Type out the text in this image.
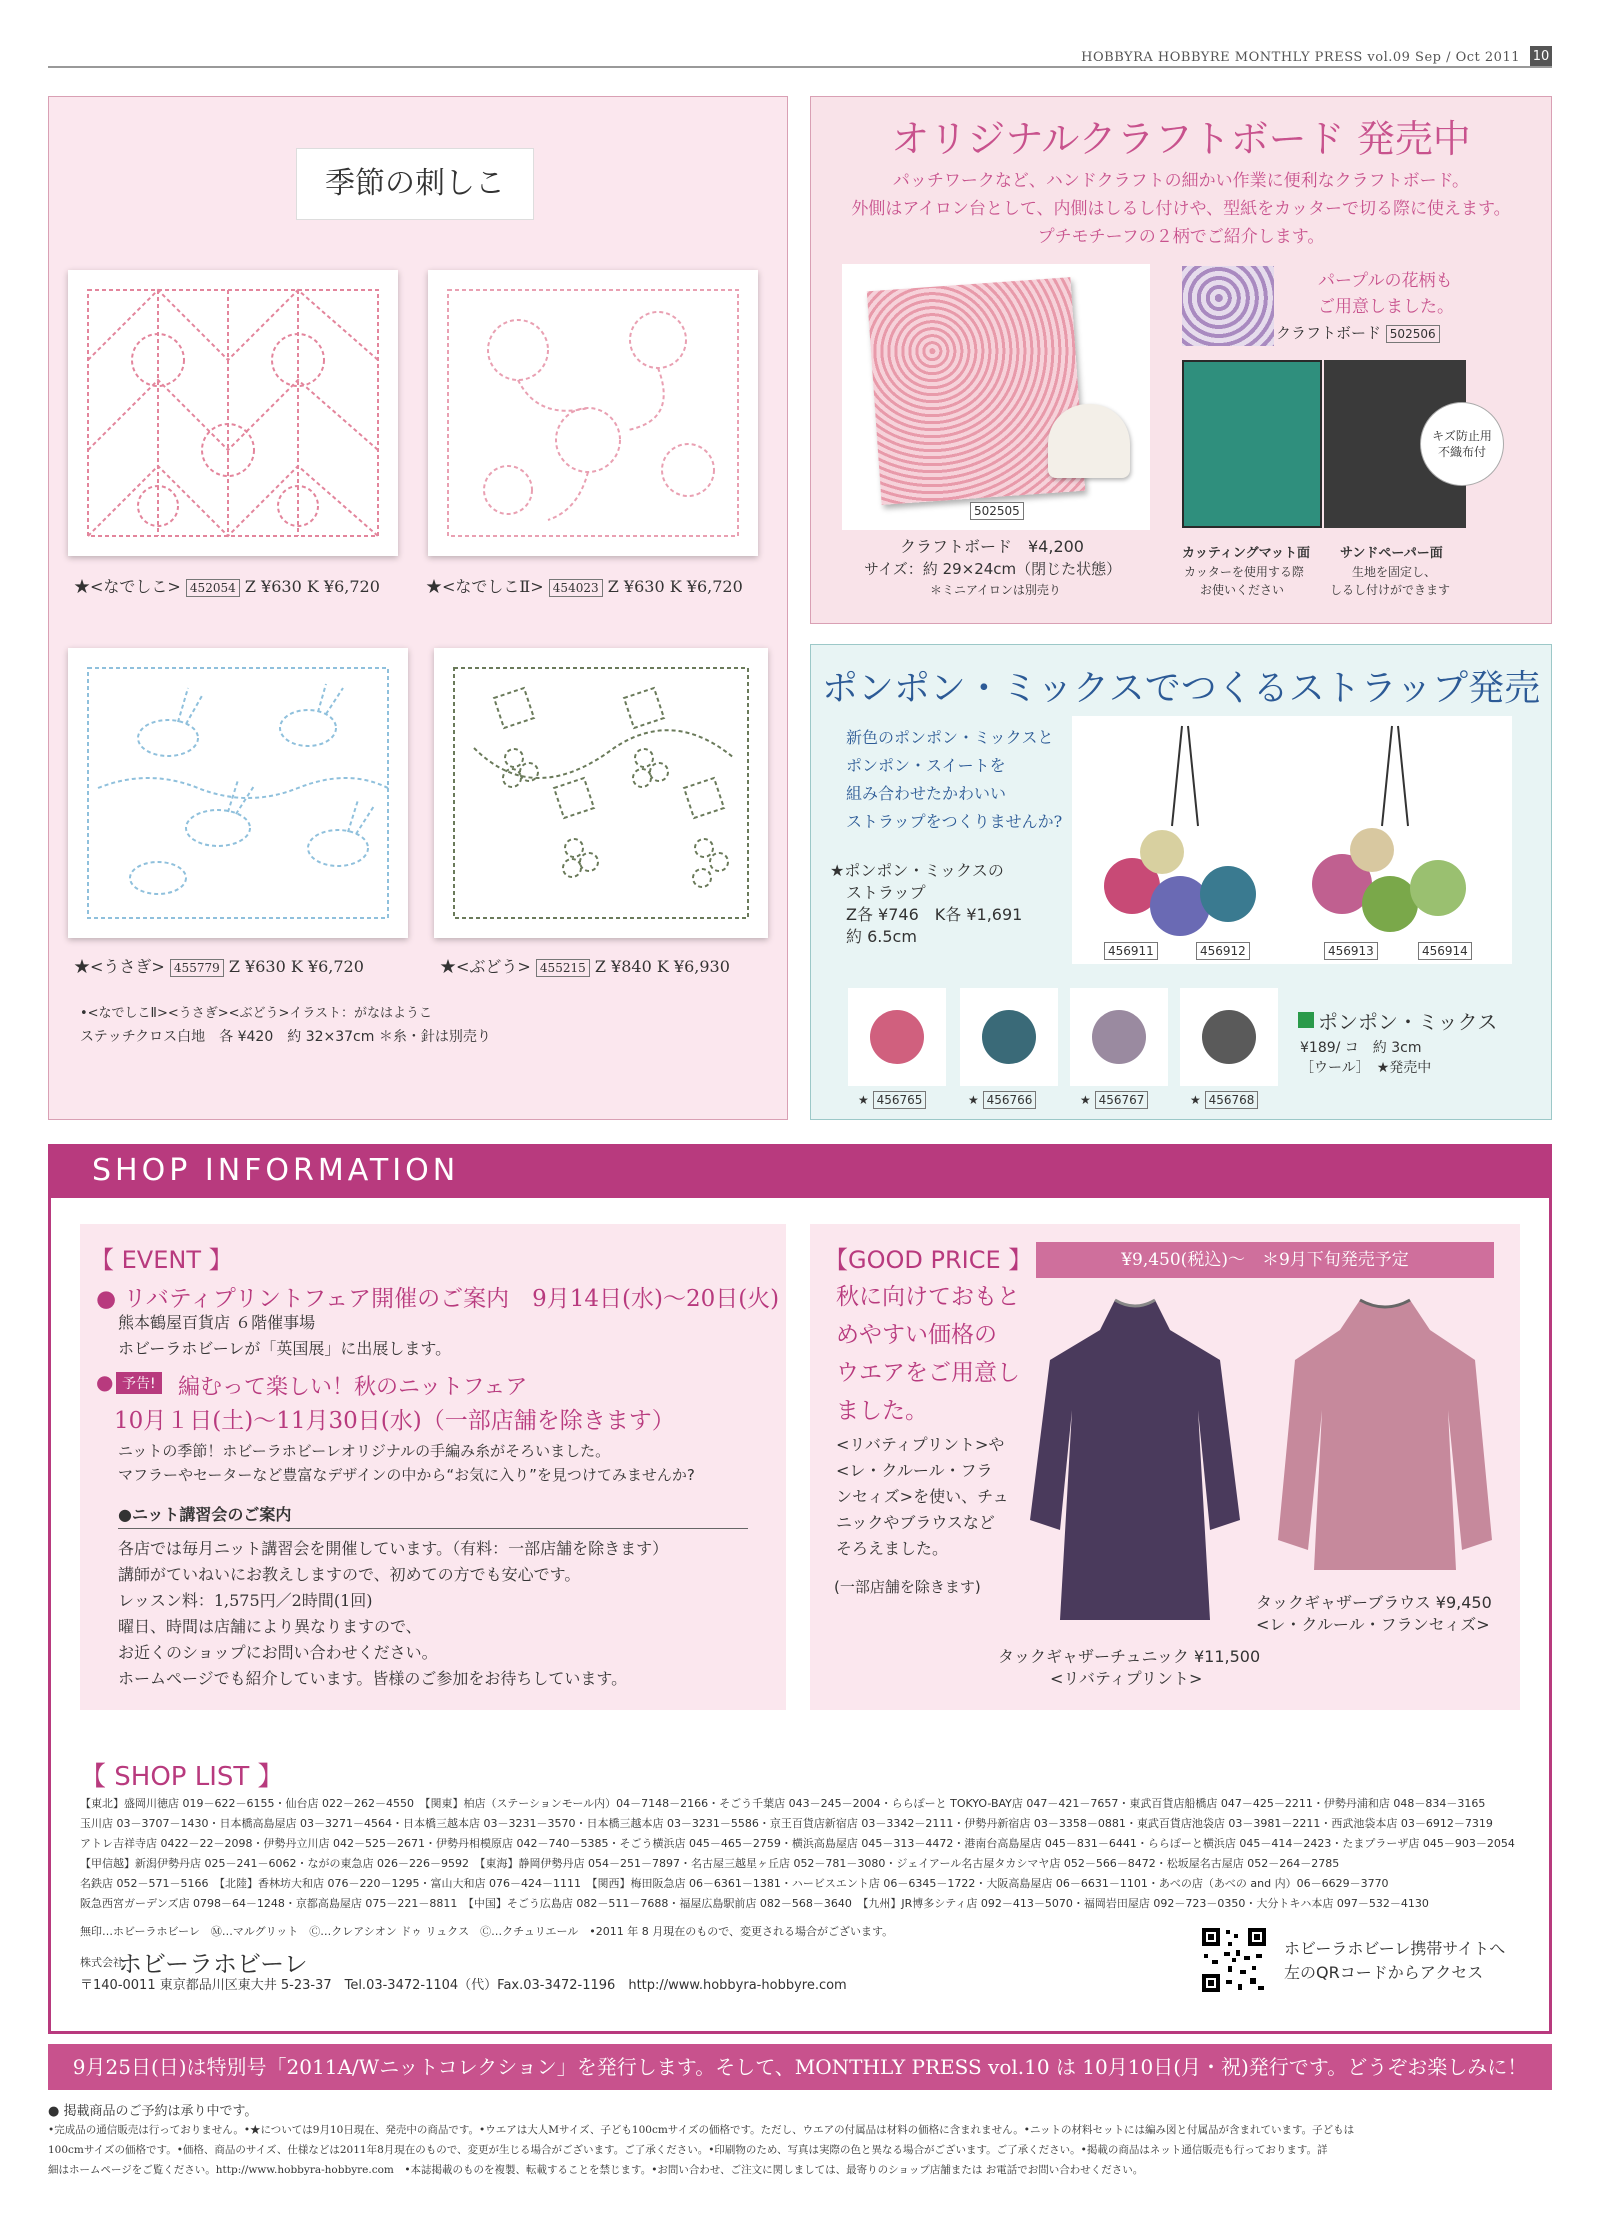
HOBBYRA HOBBYRE MONTHLY PRESS vol.09 Sep / Oct 2011 10
季節の刺しこ
★<なでしこ> 452054 Z ¥630 K ¥6,720	★<なでしこⅡ> 454023 Z ¥630 K ¥6,720
★<うさぎ> 455779 Z ¥630 K ¥6,720	★<ぶどう> 455215 Z ¥840 K ¥6,930
•<なでしこⅡ><うさぎ><ぶどう>イラスト：がなはようこ
ステッチクロス白地　各 ¥420　約 32×37cm ＊糸・針は別売り
オリジナルクラフトボード 発売中
パッチワークなど、ハンドクラフトの細かい作業に便利なクラフトボード。
外側はアイロン台として、内側はしるし付けや、型紙をカッターで切る際に使えます。
プチモチーフの２柄でご紹介します。
502505
クラフトボード　¥4,200
サイズ：約 29×24cm（閉じた状態）
＊ミニアイロンは別売り
パープルの花柄も
ご用意しました。
クラフトボード 502506
キズ防止用 不織布付
カッティングマット面
カッターを使用する際
お使いください
サンドペーパー面
生地を固定し、
しるし付けができます
ポンポン・ミックスでつくるストラップ発売
新色のポンポン・ミックスと
ポンポン・スイートを
組み合わせたかわいい
ストラップをつくりませんか?
★ポンポン・ミックスの
ストラップ
Z各 ¥746　K各 ¥1,691
約 6.5cm
456911	456912	456913	456914
★ 456765	★ 456766	★ 456767	★ 456768
ポンポン・ミックス
¥189/ コ　約 3cm
［ウール］　★発売中
SHOP INFORMATION
【 EVENT 】
● リバティプリントフェア開催のご案内　9月14日(水)～20日(火)
熊本鶴屋百貨店 ６階催事場
ホビーラホビーレが「英国展」に出展します。
● 予告! 編むって楽しい！秋のニットフェア
10月１日(土)～11月30日(水)（一部店舗を除きます）
ニットの季節！ホビーラホビーレオリジナルの手編み糸がそろいました。
マフラーやセーターなど豊富なデザインの中から“お気に入り”を見つけてみませんか?
●ニット講習会のご案内
各店では毎月ニット講習会を開催しています。（有料：一部店舗を除きます）
講師がていねいにお教えしますので、初めての方でも安心です。
レッスン料：1,575円／2時間(1回)
曜日、時間は店舗により異なりますので、
お近くのショップにお問い合わせください。
ホームページでも紹介しています。皆様のご参加をお待ちしています。
【GOOD PRICE 】	¥9,450(税込)～　＊9月下旬発売予定
秋に向けておもと
めやすい価格の
ウエアをご用意し
ました。
<リバティプリント>や
<レ・クルール・フラ
ンセィズ>を使い、チュ
ニックやブラウスなど
そろえました。
(一部店舗を除きます)
タックギャザーブラウス ¥9,450
<レ・クルール・フランセィズ>
タックギャザーチュニック ¥11,500
<リバティプリント>
【 SHOP LIST 】
【東北】盛岡川徳店 019－622－6155・仙台店 022－262－4550　【関東】柏店（ステーションモール内）04－7148－2166・そごう千葉店 043－245－2004・ららぽーと TOKYO-BAY店 047－421－7657・東武百貨店船橋店 047－425－2211・伊勢丹浦和店 048－834－3165
玉川店 03－3707－1430・日本橋高島屋店 03－3271－4564・日本橋三越本店 03－3231－3570・日本橋三越本店 03－3231－5586・京王百貨店新宿店 03－3342－2111・伊勢丹新宿店 03－3358－0881・東武百貨店池袋店 03－3981－2211・西武池袋本店 03－6912－7319
アトレ吉祥寺店 0422－22－2098・伊勢丹立川店 042－525－2671・伊勢丹相模原店 042－740－5385・そごう横浜店 045－465－2759・横浜高島屋店 045－313－4472・港南台高島屋店 045－831－6441・ららぽーと横浜店 045－414－2423・たまプラーザ店 045－903－2054
【甲信越】新潟伊勢丹店 025－241－6062・ながの東急店 026－226－9592　【東海】静岡伊勢丹店 054－251－7897・名古屋三越星ヶ丘店 052－781－3080・ジェイアール名古屋タカシマヤ店 052－566－8472・松坂屋名古屋店 052－264－2785
名鉄店 052－571－5166　【北陸】香林坊大和店 076－220－1295・富山大和店 076－424－1111　【関西】梅田阪急店 06－6361－1381・ハービスエント店 06－6345－1722・大阪高島屋店 06－6631－1101・あべの店（あべの and 内）06－6629－3770
阪急西宮ガーデンズ店 0798－64－1248・京都高島屋店 075－221－8811　【中国】そごう広島店 082－511－7688・福屋広島駅前店 082－568－3640　【九州】JR博多シティ店 092－413－5070・福岡岩田屋店 092－723－0350・大分トキハ本店 097－532－4130
無印…ホビーラホビーレ　Ⓜ…マルグリット　Ⓒ…クレアシオン ドゥ リュクス　Ⓒ…クチュリエール　•2011 年 8 月現在のもので、変更される場合がございます。
株式会社
ホビーラホビーレ
〒140-0011 東京都品川区東大井 5-23-37　Tel.03-3472-1104（代）Fax.03-3472-1196　http://www.hobbyra-hobbyre.com
ホビーラホビーレ携帯サイトへ
左のQRコードからアクセス
9月25日(日)は特別号「2011A/Wニットコレクション」を発行します。そして、MONTHLY PRESS vol.10 は 10月10日(月・祝)発行です。どうぞお楽しみに！
● 掲載商品のご予約は承り中です。
•完成品の通信販売は行っておりません。•★については9月10日現在、発売中の商品です。•ウエアは大人Mサイズ、子ども100cmサイズの価格です。ただし、ウエアの付属品は材料の価格に含まれません。•ニットの材料セットには編み図と付属品が含まれています。子どもは
100cmサイズの価格です。•価格、商品のサイズ、仕様などは2011年8月現在のもので、変更が生じる場合がございます。ご了承ください。•印刷物のため、写真は実際の色と異なる場合がございます。ご了承ください。•掲載の商品はネット通信販売も行っております。詳
細はホームページをご覧ください。http://www.hobbyra-hobbyre.com　•本誌掲載のものを複製、転載することを禁じます。•お問い合わせ、ご注文に関しましては、最寄りのショップ店舗または お電話でお問い合わせください。
